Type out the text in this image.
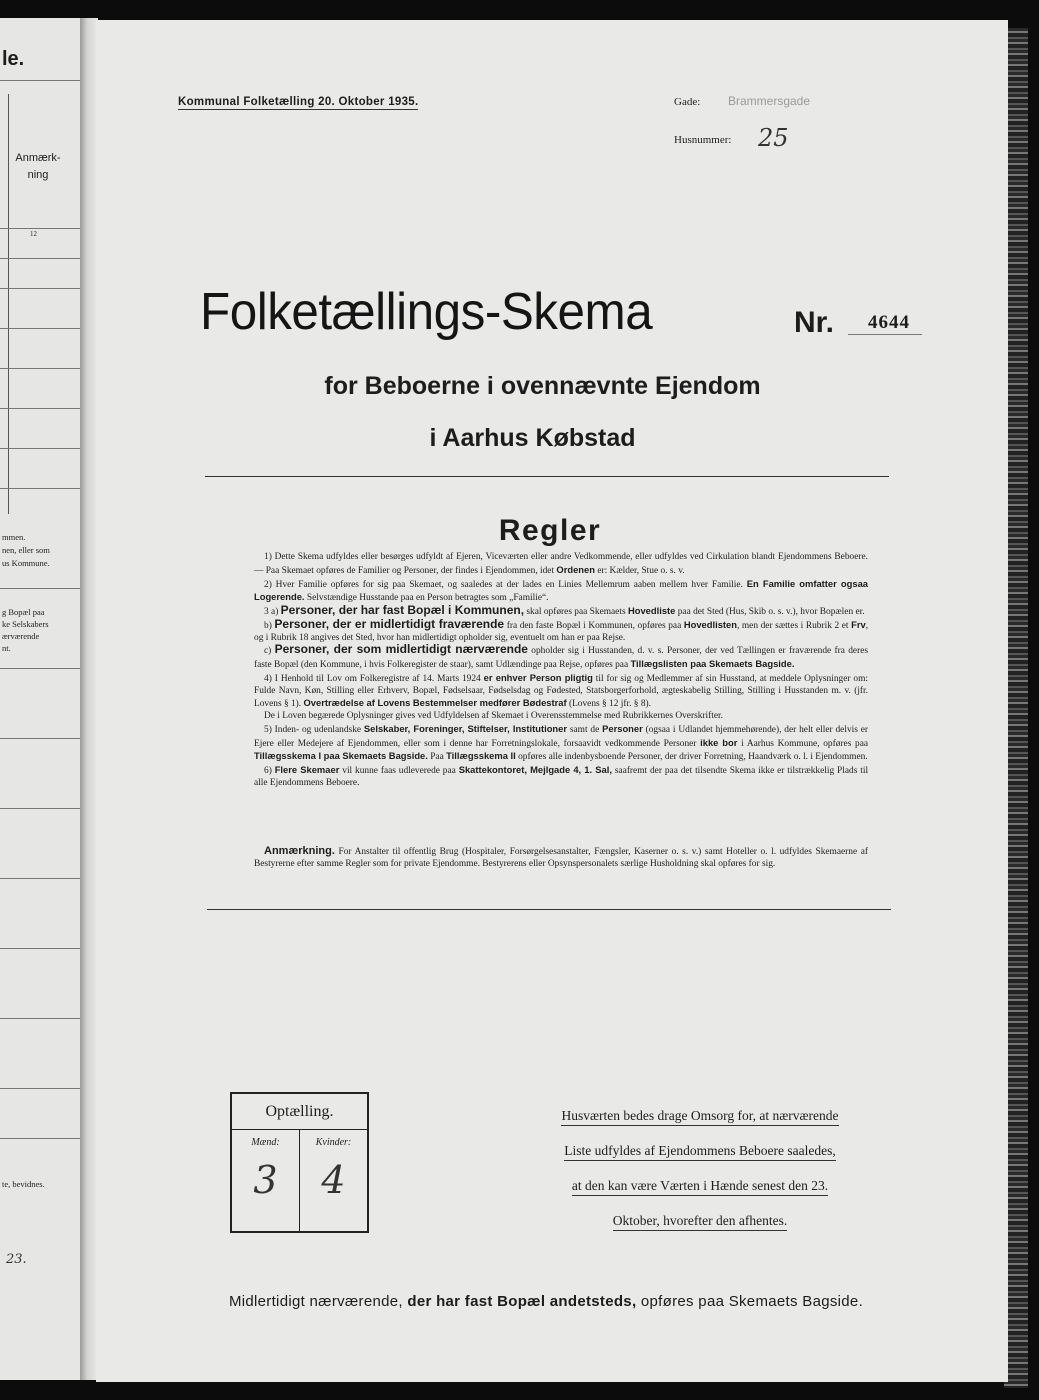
le.
Anmærk-
ning
12
mmen.
nen, eller som
us Kommune.
g Bopæl paa
ke Selskabers
ærværende
nt.
te, bevidnes.
23.
Kommunal Folketælling 20. Oktober 1935.	Gade: Brammersgade
Husnummer: 25
Folketællings-Skema	Nr. 4644
for Beboerne i ovennævnte Ejendom
i Aarhus Købstad
Regler

1) Dette Skema udfyldes eller besørges udfyldt af Ejeren, Viceværten eller andre Vedkommende, eller udfyldes ved Cirkulation blandt Ejendommens Beboere. — Paa Skemaet opføres de Familier og Personer, der findes i Ejendommen, idet Ordenen er: Kælder, Stue o. s. v.

2) Hver Familie opføres for sig paa Skemaet, og saaledes at der lades en Linies Mellemrum aaben mellem hver Familie. En Familie omfatter ogsaa Logerende. Selvstændige Husstande paa en Person betragtes som „Familie“.

3 a) Personer, der har fast Bopæl i Kommunen, skal opføres paa Skemaets Hovedliste paa det Sted (Hus, Skib o. s. v.), hvor Bopælen er.

b) Personer, der er midlertidigt fraværende fra den faste Bopæl i Kommunen, opføres paa Hovedlisten, men der sættes i Rubrik 2 et Frv, og i Rubrik 18 angives det Sted, hvor han midlertidigt opholder sig, eventuelt om han er paa Rejse.

c) Personer, der som midlertidigt nærværende opholder sig i Husstanden, d. v. s. Personer, der ved Tællingen er fraværende fra deres faste Bopæl (den Kommune, i hvis Folkeregister de staar), samt Udlændinge paa Rejse, opføres paa Tillægslisten paa Skemaets Bagside.

4) I Henhold til Lov om Folkeregistre af 14. Marts 1924 er enhver Person pligtig til for sig og Medlemmer af sin Husstand, at meddele Oplysninger om: Fulde Navn, Køn, Stilling eller Erhverv, Bopæl, Fødselsaar, Fødselsdag og Fødested, Statsborgerforhold, ægteskabelig Stilling, Stilling i Husstanden m. v. (jfr. Lovens § 1). Overtrædelse af Lovens Bestemmelser medfører Bødestraf (Lovens § 12 jfr. § 8).

De i Loven begærede Oplysninger gives ved Udfyldelsen af Skemaet i Overensstemmelse med Rubrikkernes Overskrifter.

5) Inden- og udenlandske Selskaber, Foreninger, Stiftelser, Institutioner samt de Personer (ogsaa i Udlandet hjemmehørende), der helt eller delvis er Ejere eller Medejere af Ejendommen, eller som i denne har Forretningslokale, forsaavidt vedkommende Personer ikke bor i Aarhus Kommune, opføres paa Tillægsskema I paa Skemaets Bagside. Paa Tillægsskema II opføres alle indenbysboende Personer, der driver Forretning, Haandværk o. l. i Ejendommen.

6) Flere Skemaer vil kunne faas udleverede paa Skattekontoret, Mejlgade 4, 1. Sal, saafremt der paa det tilsendte Skema ikke er tilstrækkelig Plads til alle Ejendommens Beboere.

Anmærkning. For Anstalter til offentlig Brug (Hospitaler, Forsørgelsesanstalter, Fængsler, Kaserner o. s. v.) samt Hoteller o. l. udfyldes Skemaerne af Bestyrerne efter samme Regler som for private Ejendomme. Bestyrerens eller Opsynspersonalets særlige Husholdning skal opføres for sig.
Optælling.
Mænd:
3
Kvinder:
4
Husværten bedes drage Omsorg for, at nærværende
Liste udfyldes af Ejendommens Beboere saaledes,
at den kan være Værten i Hænde senest den 23.
Oktober, hvorefter den afhentes.
Midlertidigt nærværende, der har fast Bopæl andetsteds, opføres paa Skemaets Bagside.
